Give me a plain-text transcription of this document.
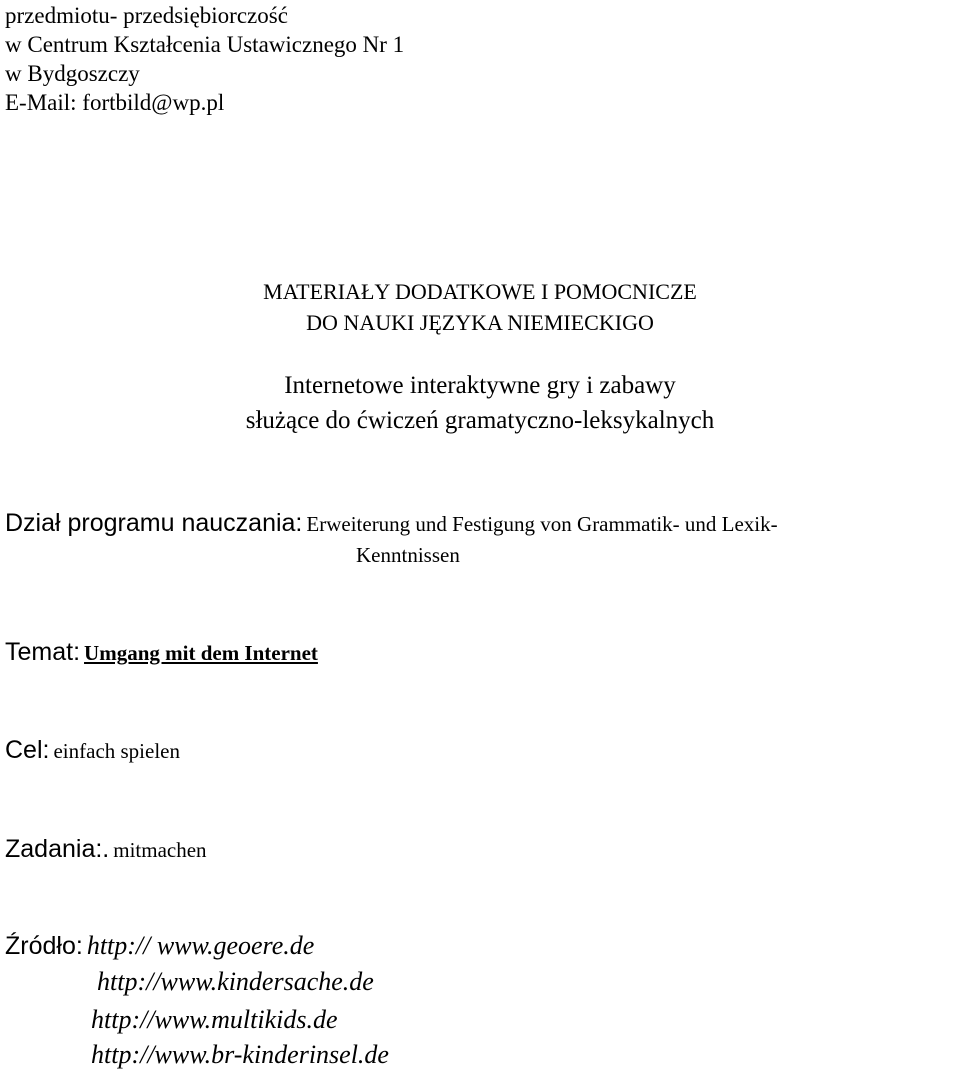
przedmiotu- przedsiębiorczość

w Centrum Kształcenia Ustawicznego Nr 1

w Bydgoszczy

E-Mail: fortbild@wp.pl

MATERIAŁY DODATKOWE I POMOCNICZE

DO NAUKI JĘZYKA NIEMIECKIGO

Internetowe interaktywne gry i zabawy

służące do ćwiczeń gramatyczno-leksykalnych

Dział programu nauczania: Erweiterung und Festigung von Grammatik- und Lexik-

Kenntnissen

Temat: Umgang mit dem Internet

Cel: einfach spielen

Zadania:. mitmachen

Źródło: http:// www.geoere.de

http://www.kindersache.de

http://www.multikids.de

http://www.br-kinderinsel.de
